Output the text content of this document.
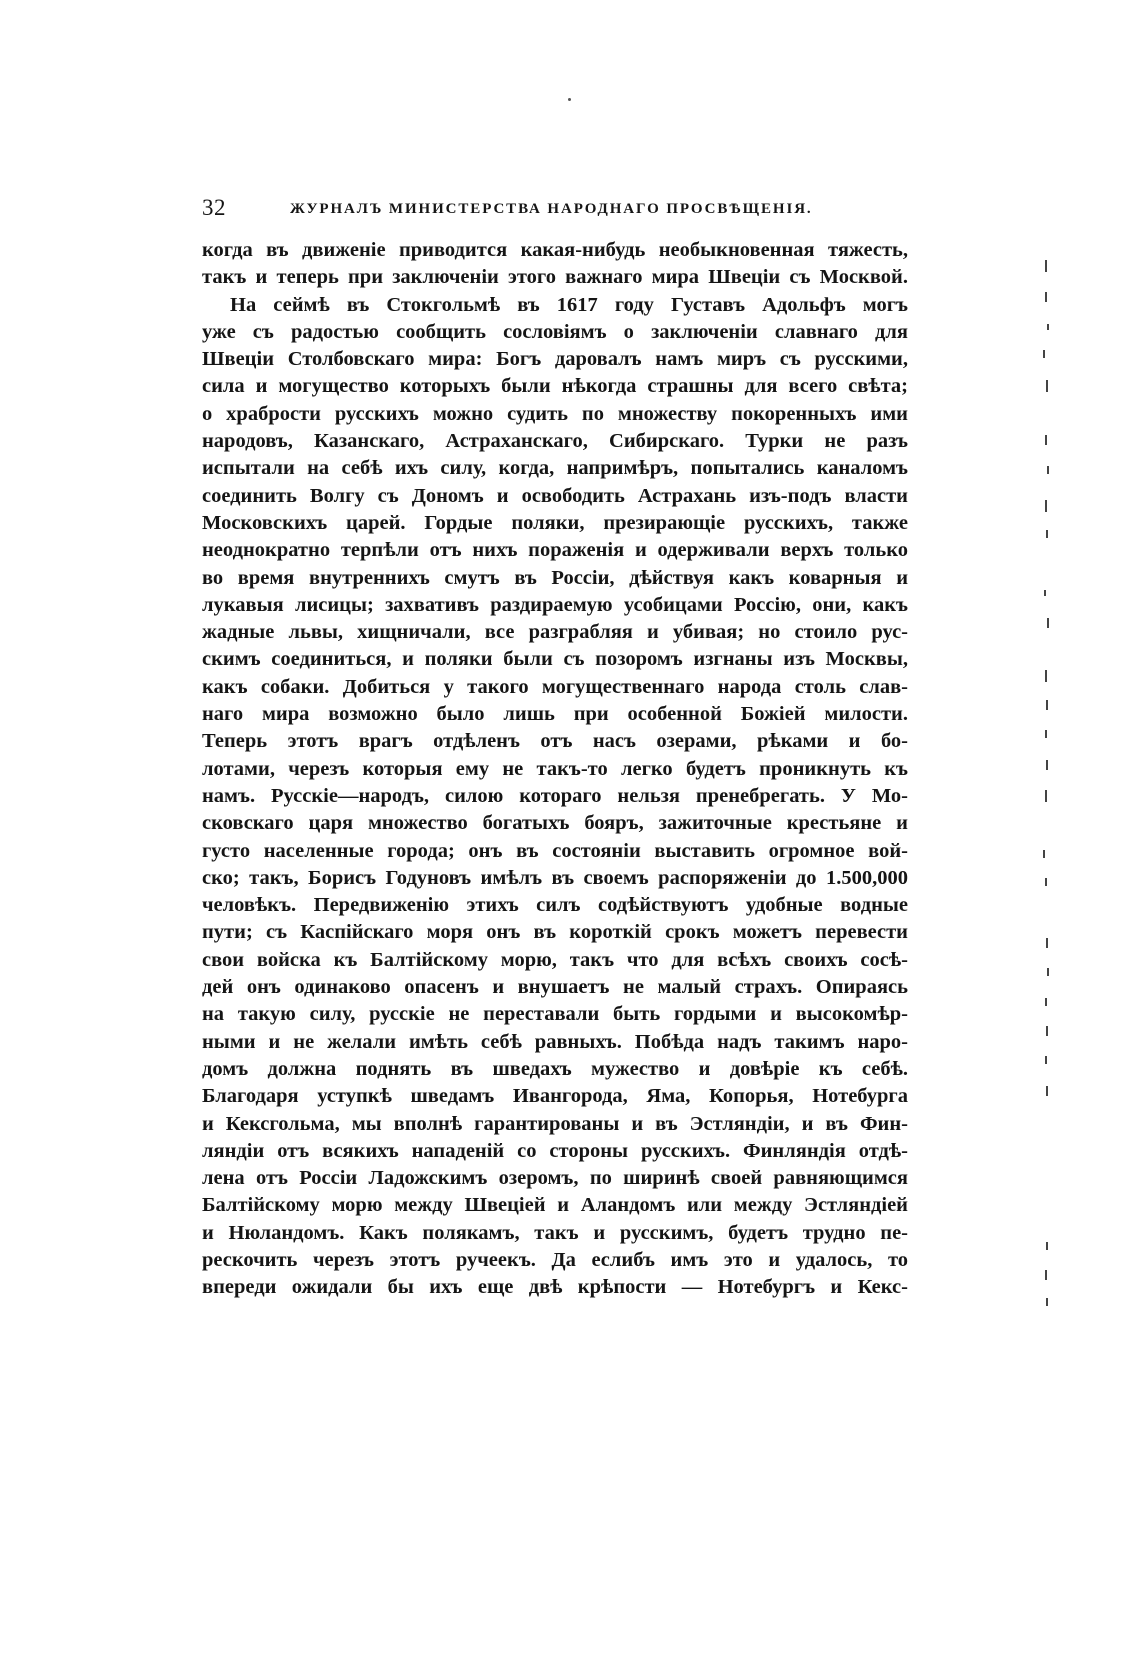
32	ЖУРНАЛЪ МИНИСТЕРСТВА НАРОДНАГО ПРОСВѢЩЕНІЯ.
когда въ движеніе приводится какая-нибудь необыкновенная тяжесть,
такъ и теперь при заключеніи этого важнаго мира Швеціи съ Москвой.
На сеймѣ въ Стокгольмѣ въ 1617 году Густавъ Адольфъ могъ
уже съ радостью сообщить сословіямъ о заключеніи славнаго для
Швеціи Столбовскаго мира: Богъ даровалъ намъ миръ съ русскими,
сила и могущество которыхъ были нѣкогда страшны для всего свѣта;
о храбрости русскихъ можно судить по множеству покоренныхъ ими
народовъ, Казанскаго, Астраханскаго, Сибирскаго. Турки не разъ
испытали на себѣ ихъ силу, когда, напримѣръ, попытались каналомъ
соединить Волгу съ Дономъ и освободить Астрахань изъ-подъ власти
Московскихъ царей. Гордые поляки, презирающіе русскихъ, также
неоднократно терпѣли отъ нихъ пораженія и одерживали верхъ только
во время внутреннихъ смутъ въ Россіи, дѣйствуя какъ коварныя и
лукавыя лисицы; захвативъ раздираемую усобицами Россію, они, какъ
жадные львы, хищничали, все разграбляя и убивая; но стоило рус-
скимъ соединиться, и поляки были съ позоромъ изгнаны изъ Москвы,
какъ собаки. Добиться у такого могущественнаго народа столь слав-
наго мира возможно было лишь при особенной Божіей милости.
Теперь этотъ врагъ отдѣленъ отъ насъ озерами, рѣками и бо-
лотами, черезъ которыя ему не такъ-то легко будетъ проникнуть къ
намъ. Русскіе—народъ, силою котораго нельзя пренебрегать. У Мо-
сковскаго царя множество богатыхъ бояръ, зажиточные крестьяне и
густо населенные города; онъ въ состояніи выставить огромное вой-
ско; такъ, Борисъ Годуновъ имѣлъ въ своемъ распоряженіи до 1.500,000
человѣкъ. Передвиженію этихъ силъ содѣйствуютъ удобные водные
пути; съ Каспійскаго моря онъ въ короткій срокъ можетъ перевести
свои войска къ Балтійскому морю, такъ что для всѣхъ своихъ сосѣ-
дей онъ одинаково опасенъ и внушаетъ не малый страхъ. Опираясь
на такую силу, русскіе не переставали быть гордыми и высокомѣр-
ными и не желали имѣть себѣ равныхъ. Побѣда надъ такимъ наро-
домъ должна поднять въ шведахъ мужество и довѣріе къ себѣ.
Благодаря уступкѣ шведамъ Ивангорода, Яма, Копорья, Нотебурга
и Кексгольма, мы вполнѣ гарантированы и въ Эстляндіи, и въ Фин-
ляндіи отъ всякихъ нападеній со стороны русскихъ. Финляндія отдѣ-
лена отъ Россіи Ладожскимъ озеромъ, по ширинѣ своей равняющимся
Балтійскому морю между Швеціей и Аландомъ или между Эстляндіей
и Нюландомъ. Какъ полякамъ, такъ и русскимъ, будетъ трудно пе-
рескочить черезъ этотъ ручеекъ. Да еслибъ имъ это и удалось, то
впереди ожидали бы ихъ еще двѣ крѣпости — Нотебургъ и Кекс-
